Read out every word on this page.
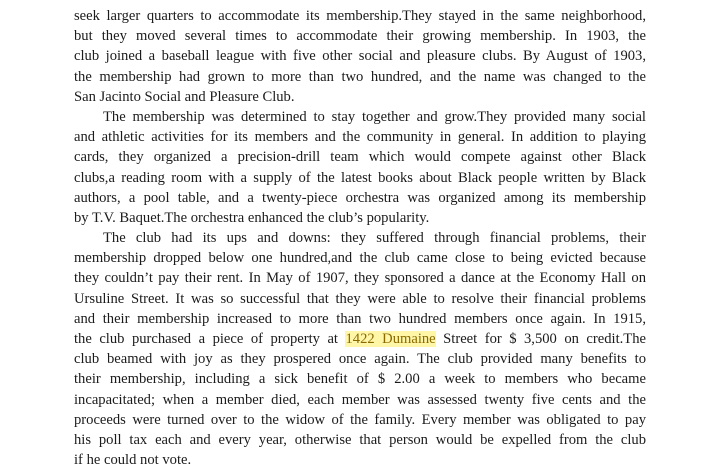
seek larger quarters to accommodate its membership.They stayed in the same neighborhood,
but they moved several times to accommodate their growing membership. In 1903, the
club joined a baseball league with five other social and pleasure clubs. By August of 1903,
the membership had grown to more than two hundred, and the name was changed to the
San Jacinto Social and Pleasure Club.
The membership was determined to stay together and grow.They provided many social
and athletic activities for its members and the community in general. In addition to playing
cards, they organized a precision-drill team which would compete against other Black
clubs,a reading room with a supply of the latest books about Black people written by Black
authors, a pool table, and a twenty-piece orchestra was organized among its membership
by T.V. Baquet.The orchestra enhanced the club’s popularity.
The club had its ups and downs: they suffered through financial problems, their
membership dropped below one hundred,and the club came close to being evicted because
they couldn’t pay their rent. In May of 1907, they sponsored a dance at the Economy Hall on
Ursuline Street. It was so successful that they were able to resolve their financial problems
and their membership increased to more than two hundred members once again. In 1915,
the club purchased a piece of property at 1422 Dumaine Street for $ 3,500 on credit.The
club beamed with joy as they prospered once again. The club provided many benefits to
their membership, including a sick benefit of $ 2.00 a week to members who became
incapacitated; when a member died, each member was assessed twenty five cents and the
proceeds were turned over to the widow of the family. Every member was obligated to pay
his poll tax each and every year, otherwise that person would be expelled from the club
if he could not vote.
